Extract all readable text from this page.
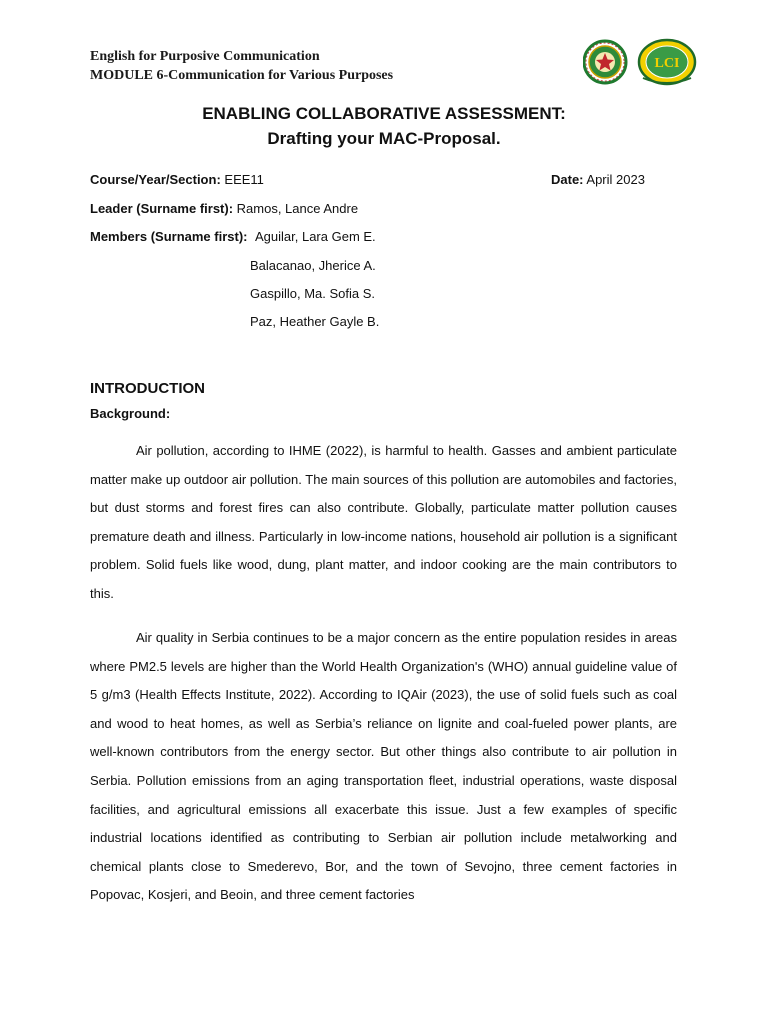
English for Purposive Communication
MODULE 6-Communication for Various Purposes
LCI
ENABLING COLLABORATIVE ASSESSMENT:
Drafting your MAC-Proposal.
Course/Year/Section: EEE11	Date: April 2023
Leader (Surname first): Ramos, Lance Andre
Members (Surname first): Aguilar, Lara Gem E.
Balacanao, Jherice A.
Gaspillo, Ma. Sofia S.
Paz, Heather Gayle B.
INTRODUCTION
Background:

Air pollution, according to IHME (2022), is harmful to health. Gasses and ambient particulate matter make up outdoor air pollution. The main sources of this pollution are automobiles and factories, but dust storms and forest fires can also contribute. Globally, particulate matter pollution causes premature death and illness. Particularly in low-income nations, household air pollution is a significant problem. Solid fuels like wood, dung, plant matter, and indoor cooking are the main contributors to this.

Air quality in Serbia continues to be a major concern as the entire population resides in areas where PM2.5 levels are higher than the World Health Organization's (WHO) annual guideline value of 5 g/m3 (Health Effects Institute, 2022). According to IQAir (2023), the use of solid fuels such as coal and wood to heat homes, as well as Serbia’s reliance on lignite and coal-fueled power plants, are well-known contributors from the energy sector. But other things also contribute to air pollution in Serbia. Pollution emissions from an aging transportation fleet, industrial operations, waste disposal facilities, and agricultural emissions all exacerbate this issue. Just a few examples of specific industrial locations identified as contributing to Serbian air pollution include metalworking and chemical plants close to Smederevo, Bor, and the town of Sevojno, three cement factories in Popovac, Kosjeri, and Beoin, and three cement factories
